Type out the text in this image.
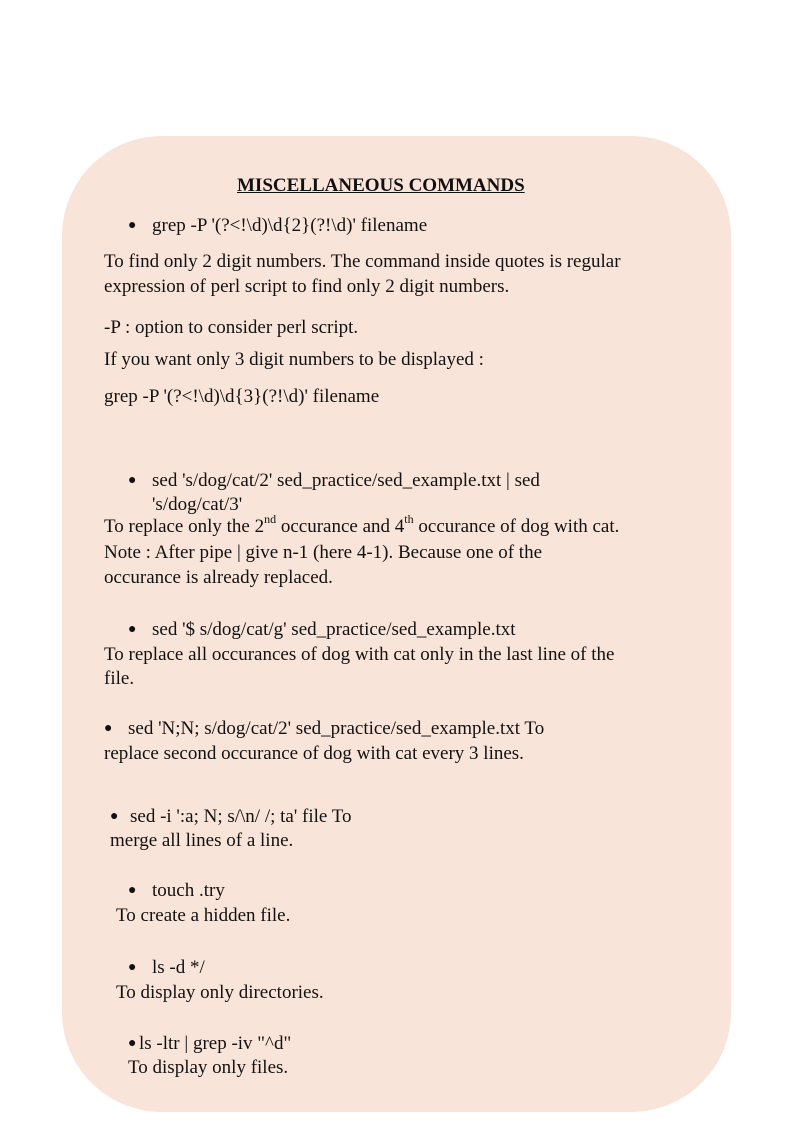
MISCELLANEOUS COMMANDS
● grep -P '(?<!\d)\d{2}(?!\d)' filename
To find only 2 digit numbers. The command inside quotes is regular
expression of perl script to find only 2 digit numbers.
-P : option to consider perl script.
If you want only 3 digit numbers to be displayed :
grep -P '(?<!\d)\d{3}(?!\d)' filename
● sed 's/dog/cat/2' sed_practice/sed_example.txt | sed
's/dog/cat/3'
To replace only the 2nd occurance and 4th occurance of dog with cat.
Note : After pipe | give n-1 (here 4-1). Because one of the
occurance is already replaced.
● sed '$ s/dog/cat/g' sed_practice/sed_example.txt
To replace all occurances of dog with cat only in the last line of the
file.
● sed 'N;N; s/dog/cat/2' sed_practice/sed_example.txt To
replace second occurance of dog with cat every 3 lines.
● sed -i ':a; N; s/\n/ /; ta' file To
merge all lines of a line.
● touch .try
To create a hidden file.
● ls -d */
To display only directories.
● ls -ltr | grep -iv "^d"
To display only files.
